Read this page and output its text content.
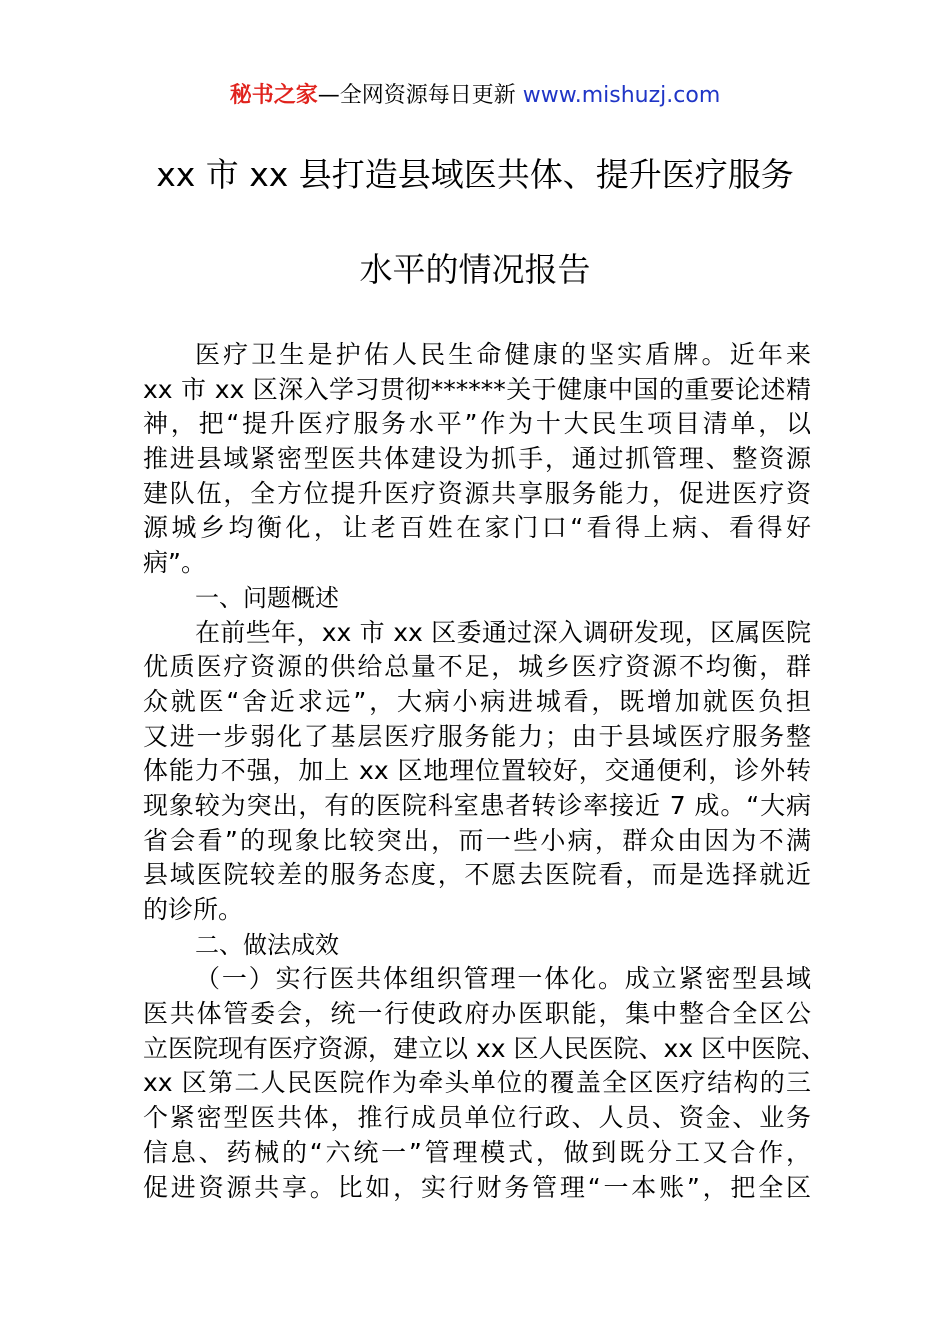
秘书之家—全网资源每日更新 www.mishuzj.com
xx 市 xx 县打造县域医共体、提升医疗服务
水平的情况报告
医疗卫生是护佑人民生命健康的坚实盾牌。近年来
xx 市 xx 区深入学习贯彻******关于健康中国的重要论述精
神，把“提升医疗服务水平”作为十大民生项目清单，以
推进县域紧密型医共体建设为抓手，通过抓管理、整资源
建队伍，全方位提升医疗资源共享服务能力，促进医疗资
源城乡均衡化，让老百姓在家门口“看得上病、看得好
病”。
一、问题概述
在前些年，xx 市 xx 区委通过深入调研发现，区属医院
优质医疗资源的供给总量不足，城乡医疗资源不均衡，群
众就医“舍近求远”，大病小病进城看，既增加就医负担
又进一步弱化了基层医疗服务能力；由于县域医疗服务整
体能力不强，加上 xx 区地理位置较好，交通便利，诊外转
现象较为突出，有的医院科室患者转诊率接近 7 成。“大病
省会看”的现象比较突出，而一些小病，群众由因为不满
县域医院较差的服务态度，不愿去医院看，而是选择就近
的诊所。
二、做法成效
（一）实行医共体组织管理一体化。成立紧密型县域
医共体管委会，统一行使政府办医职能，集中整合全区公
立医院现有医疗资源，建立以 xx 区人民医院、xx 区中医院、
xx 区第二人民医院作为牵头单位的覆盖全区医疗结构的三
个紧密型医共体，推行成员单位行政、人员、资金、业务
信息、药械的“六统一”管理模式，做到既分工又合作，
促进资源共享。比如，实行财务管理“一本账”，把全区
